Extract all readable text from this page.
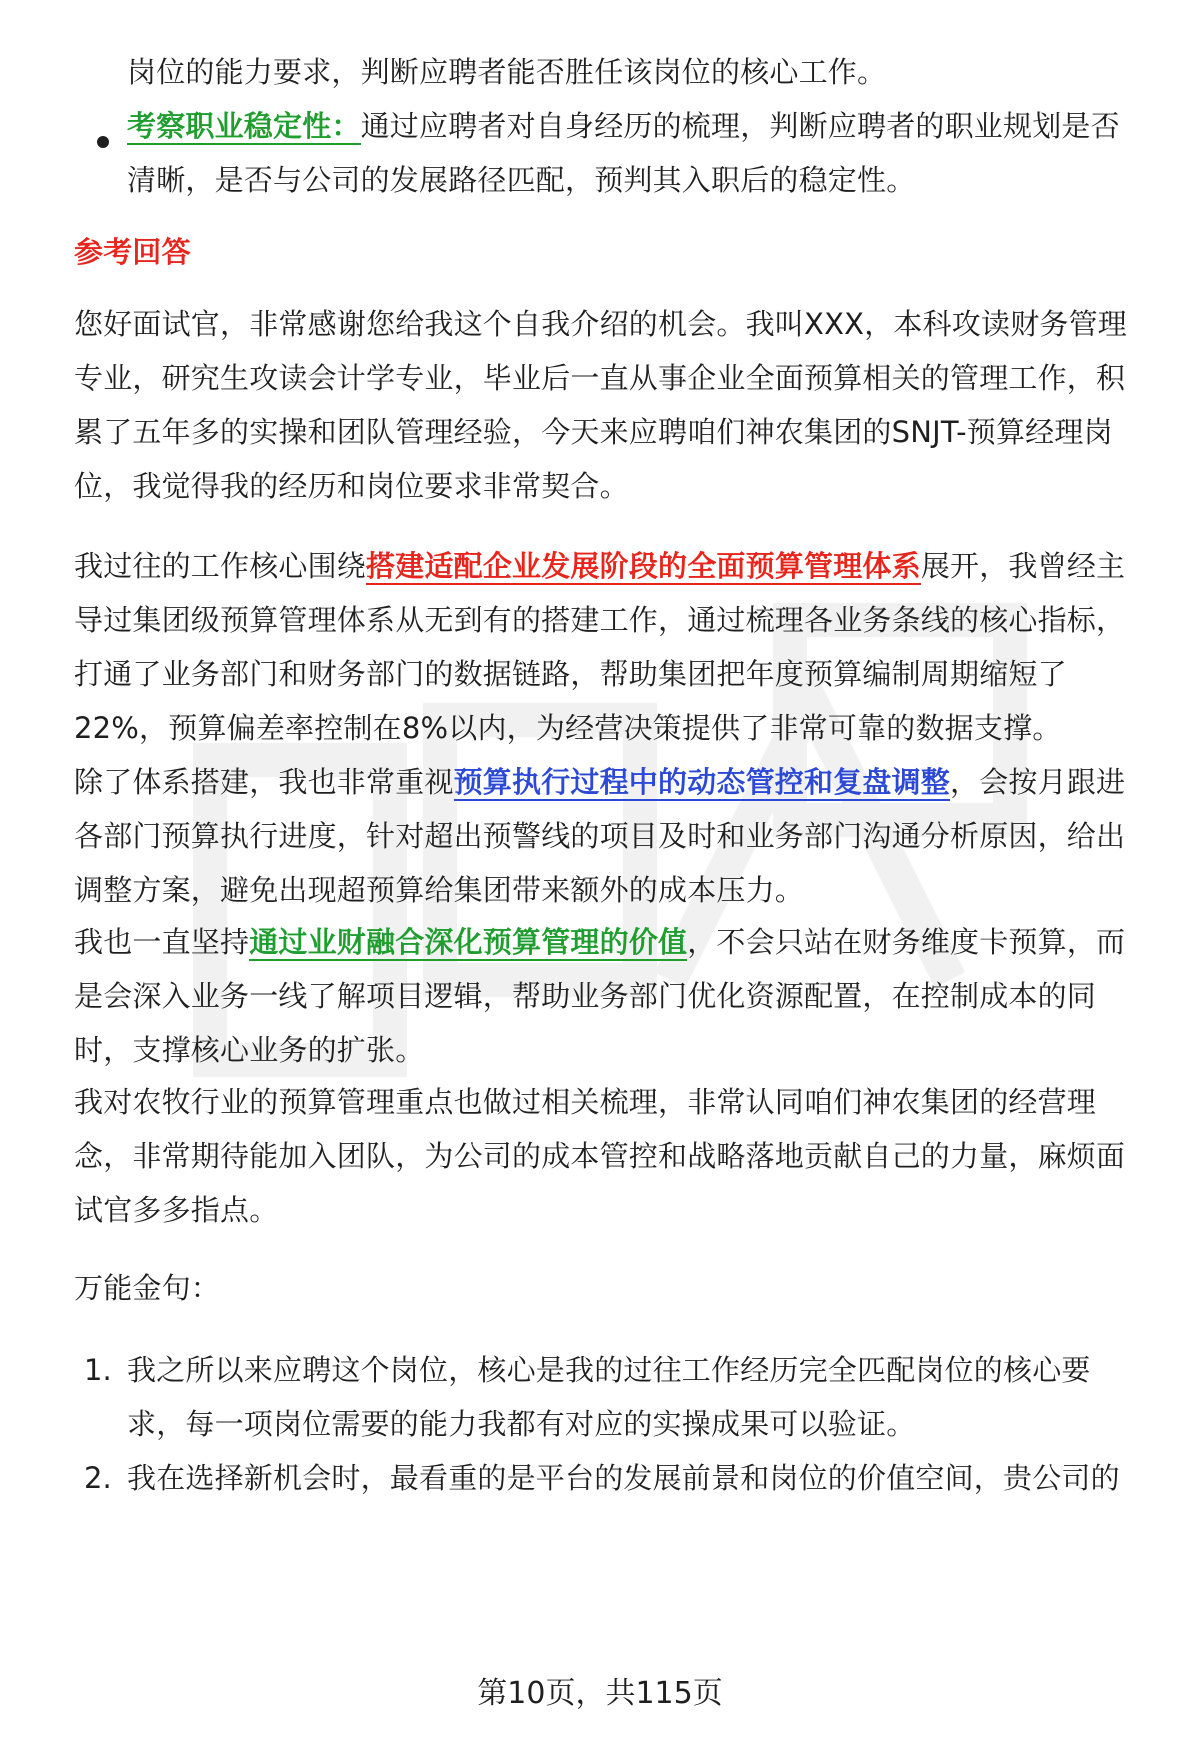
岗位的能力要求，判断应聘者能否胜任该岗位的核心工作。
考察职业稳定性：通过应聘者对自身经历的梳理，判断应聘者的职业规划是否
清晰，是否与公司的发展路径匹配，预判其入职后的稳定性。
参考回答
您好面试官，非常感谢您给我这个自我介绍的机会。我叫XXX，本科攻读财务管理
专业，研究生攻读会计学专业，毕业后一直从事企业全面预算相关的管理工作，积
累了五年多的实操和团队管理经验，今天来应聘咱们神农集团的SNJT-预算经理岗
位，我觉得我的经历和岗位要求非常契合。
我过往的工作核心围绕搭建适配企业发展阶段的全面预算管理体系展开，我曾经主
导过集团级预算管理体系从无到有的搭建工作，通过梳理各业务条线的核心指标，
打通了业务部门和财务部门的数据链路，帮助集团把年度预算编制周期缩短了
22%，预算偏差率控制在8%以内，为经营决策提供了非常可靠的数据支撑。
除了体系搭建，我也非常重视预算执行过程中的动态管控和复盘调整，会按月跟进
各部门预算执行进度，针对超出预警线的项目及时和业务部门沟通分析原因，给出
调整方案，避免出现超预算给集团带来额外的成本压力。
我也一直坚持通过业财融合深化预算管理的价值，不会只站在财务维度卡预算，而
是会深入业务一线了解项目逻辑，帮助业务部门优化资源配置，在控制成本的同
时，支撑核心业务的扩张。
我对农牧行业的预算管理重点也做过相关梳理，非常认同咱们神农集团的经营理
念，非常期待能加入团队，为公司的成本管控和战略落地贡献自己的力量，麻烦面
试官多多指点。
万能金句：
1. 我之所以来应聘这个岗位，核心是我的过往工作经历完全匹配岗位的核心要
求，每一项岗位需要的能力我都有对应的实操成果可以验证。
2. 我在选择新机会时，最看重的是平台的发展前景和岗位的价值空间，贵公司的
第10页，共115页
